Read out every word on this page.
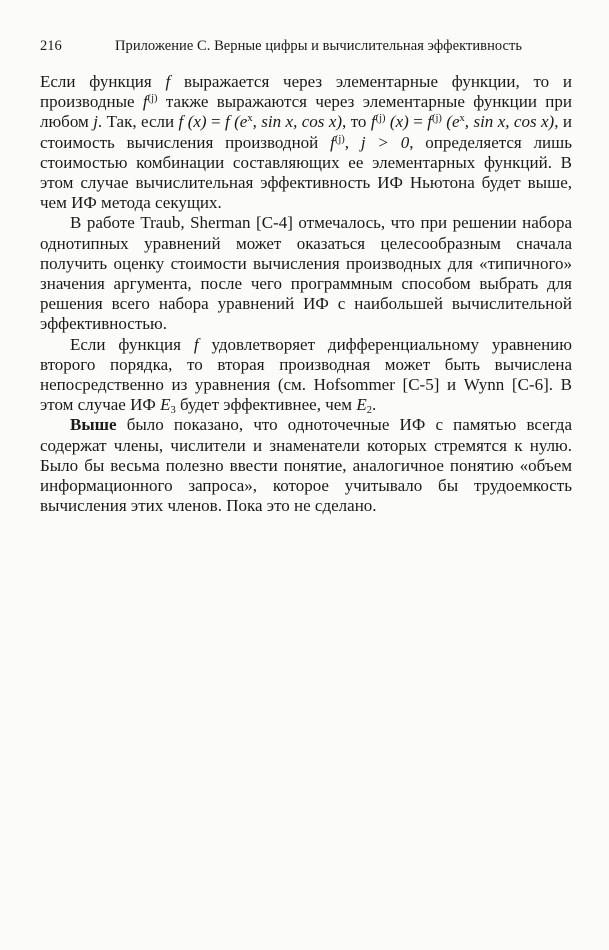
216	Приложение C. Верные цифры и вычислительная эффективность

Если функция f выражается через элементарные функции, то и производные $f^{(j)}$ также выражаются через элементарные функции при любом j. Так, если f (x) = f ($e^x$, sin x, cos x), то $f^{(j)}$ $(x) = f^{(j)}$ ($e^x$, sin x, cos x), и стоимость вычисления производной $f^{(j)}$, j > 0, определяется лишь стоимостью комбинации составляющих ее элементарных функций. В этом случае вычислительная эффективность ИФ Ньютона будет выше, чем ИФ метода секущих.

В работе Traub, Sherman [C-4] отмечалось, что при решении набора однотипных уравнений может оказаться целесообразным сначала получить оценку стоимости вычисления производных для «типичного» значения аргумента, после чего программным способом выбрать для решения всего набора уравнений ИФ с наибольшей вычислительной эффективностью.

Если функция f удовлетворяет дифференциальному уравнению второго порядка, то вторая производная может быть вычислена непосредственно из уравнения (см. Hofsommer [C-5] и Wynn [C-6]. В этом случае ИФ $E_3$ будет эффективнее, чем $E_2$.

Выше было показано, что одноточечные ИФ с памятью всегда содержат члены, числители и знаменатели которых стремятся к нулю. Было бы весьма полезно ввести понятие, аналогичное понятию «объем информационного запроса», которое учитывало бы трудоемкость вычисления этих членов. Пока это не сделано.
